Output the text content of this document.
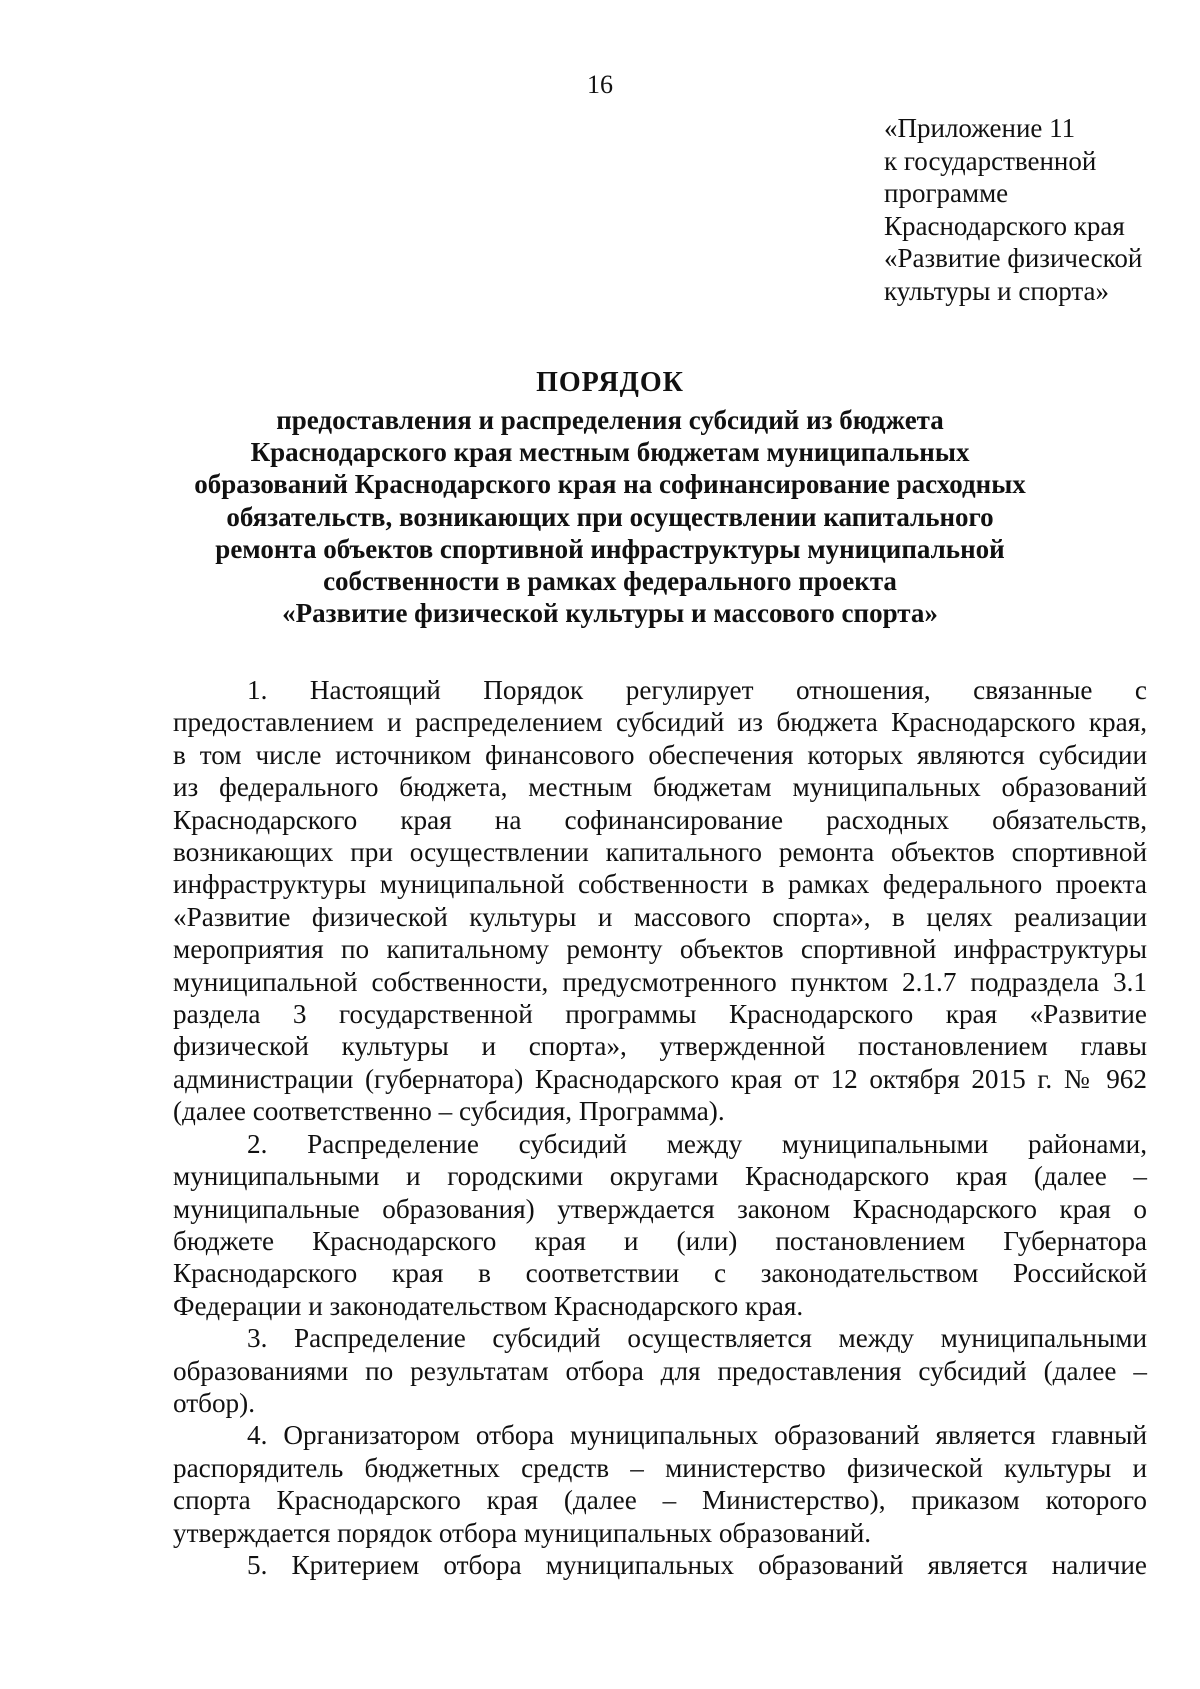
16
«Приложение 11
к государственной
программе
Краснодарского края
«Развитие физической
культуры и спорта»
ПОРЯДОК
предоставления и распределения субсидий из бюджета
Краснодарского края местным бюджетам муниципальных
образований Краснодарского края на софинансирование расходных
обязательств, возникающих при осуществлении капитального
ремонта объектов спортивной инфраструктуры муниципальной
собственности в рамках федерального проекта
«Развитие физической культуры и массового спорта»
1. Настоящий Порядок регулирует отношения, связанные с
предоставлением и распределением субсидий из бюджета Краснодарского края,
в том числе источником финансового обеспечения которых являются субсидии
из федерального бюджета, местным бюджетам муниципальных образований
Краснодарского края на софинансирование расходных обязательств,
возникающих при осуществлении капитального ремонта объектов спортивной
инфраструктуры муниципальной собственности в рамках федерального проекта
«Развитие физической культуры и массового спорта», в целях реализации
мероприятия по капитальному ремонту объектов спортивной инфраструктуры
муниципальной собственности, предусмотренного пунктом 2.1.7 подраздела 3.1
раздела 3 государственной программы Краснодарского края «Развитие
физической культуры и спорта», утвержденной постановлением главы
администрации (губернатора) Краснодарского края от 12 октября 2015 г. № 962
(далее соответственно – субсидия, Программа).
2. Распределение субсидий между муниципальными районами,
муниципальными и городскими округами Краснодарского края (далее –
муниципальные образования) утверждается законом Краснодарского края о
бюджете Краснодарского края и (или) постановлением Губернатора
Краснодарского края в соответствии с законодательством Российской
Федерации и законодательством Краснодарского края.
3. Распределение субсидий осуществляется между муниципальными
образованиями по результатам отбора для предоставления субсидий (далее –
отбор).
4. Организатором отбора муниципальных образований является главный
распорядитель бюджетных средств – министерство физической культуры и
спорта Краснодарского края (далее – Министерство), приказом которого
утверждается порядок отбора муниципальных образований.
5. Критерием отбора муниципальных образований является наличие
